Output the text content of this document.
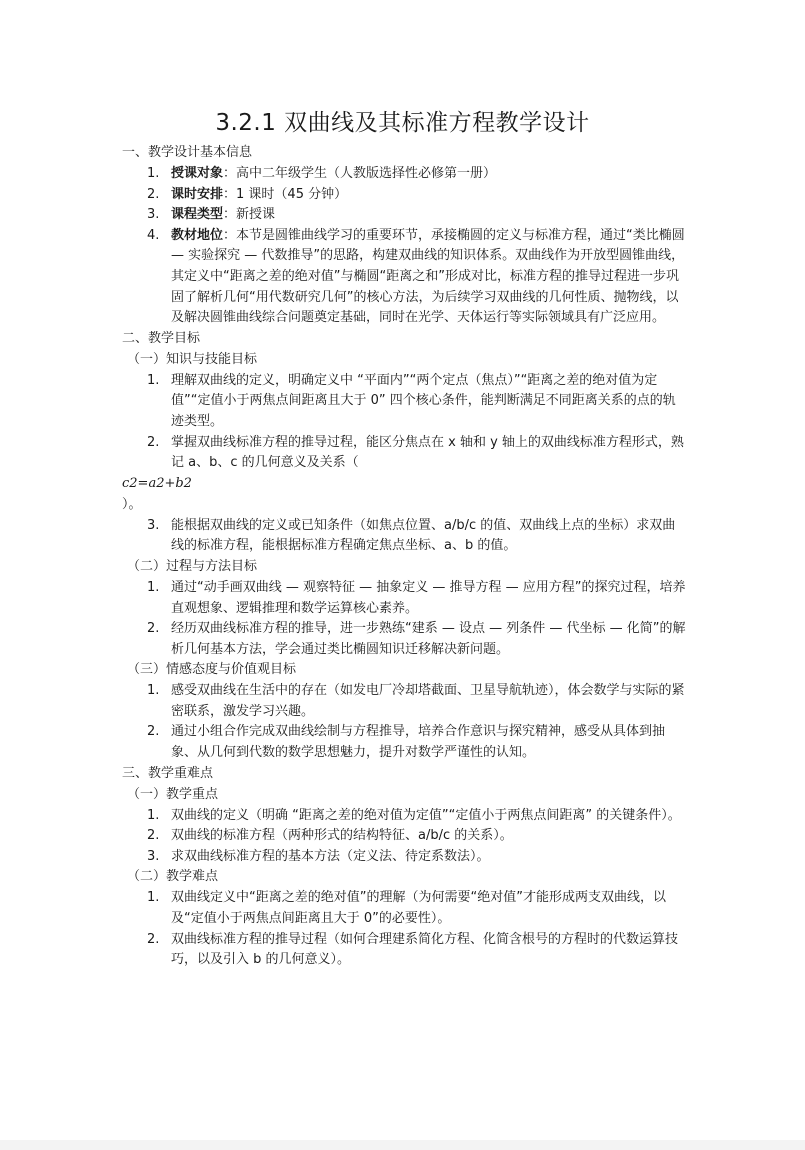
3.2.1 双曲线及其标准方程教学设计
一、教学设计基本信息
1. 授课对象：高中二年级学生（人教版选择性必修第一册）
2. 课时安排：1 课时（45 分钟）
3. 课程类型：新授课
4. 教材地位：本节是圆锥曲线学习的重要环节，承接椭圆的定义与标准方程，通过“类比椭圆 — 实验探究 — 代数推导”的思路，构建双曲线的知识体系。双曲线作为开放型圆锥曲线，其定义中“距离之差的绝对值”与椭圆“距离之和”形成对比，标准方程的推导过程进一步巩固了解析几何“用代数研究几何”的核心方法，为后续学习双曲线的几何性质、抛物线，以及解决圆锥曲线综合问题奠定基础，同时在光学、天体运行等实际领域具有广泛应用。
二、教学目标
（一）知识与技能目标
1. 理解双曲线的定义，明确定义中 “平面内”“两个定点（焦点）”“距离之差的绝对值为定值”“定值小于两焦点间距离且大于 0” 四个核心条件，能判断满足不同距离关系的点的轨迹类型。
2. 掌握双曲线标准方程的推导过程，能区分焦点在 x 轴和 y 轴上的双曲线标准方程形式，熟记 a、b、c 的几何意义及关系（
c2=a2+b2
）。
3. 能根据双曲线的定义或已知条件（如焦点位置、a/b/c 的值、双曲线上点的坐标）求双曲线的标准方程，能根据标准方程确定焦点坐标、a、b 的值。
（二）过程与方法目标
1. 通过“动手画双曲线 — 观察特征 — 抽象定义 — 推导方程 — 应用方程”的探究过程，培养直观想象、逻辑推理和数学运算核心素养。
2. 经历双曲线标准方程的推导，进一步熟练“建系 — 设点 — 列条件 — 代坐标 — 化简”的解析几何基本方法，学会通过类比椭圆知识迁移解决新问题。
（三）情感态度与价值观目标
1. 感受双曲线在生活中的存在（如发电厂冷却塔截面、卫星导航轨迹），体会数学与实际的紧密联系，激发学习兴趣。
2. 通过小组合作完成双曲线绘制与方程推导，培养合作意识与探究精神，感受从具体到抽象、从几何到代数的数学思想魅力，提升对数学严谨性的认知。
三、教学重难点
（一）教学重点
1. 双曲线的定义（明确 “距离之差的绝对值为定值”“定值小于两焦点间距离” 的关键条件）。
2. 双曲线的标准方程（两种形式的结构特征、a/b/c 的关系）。
3. 求双曲线标准方程的基本方法（定义法、待定系数法）。
（二）教学难点
1. 双曲线定义中“距离之差的绝对值”的理解（为何需要“绝对值”才能形成两支双曲线，以及“定值小于两焦点间距离且大于 0”的必要性）。
2. 双曲线标准方程的推导过程（如何合理建系简化方程、化简含根号的方程时的代数运算技巧，以及引入 b 的几何意义）。
